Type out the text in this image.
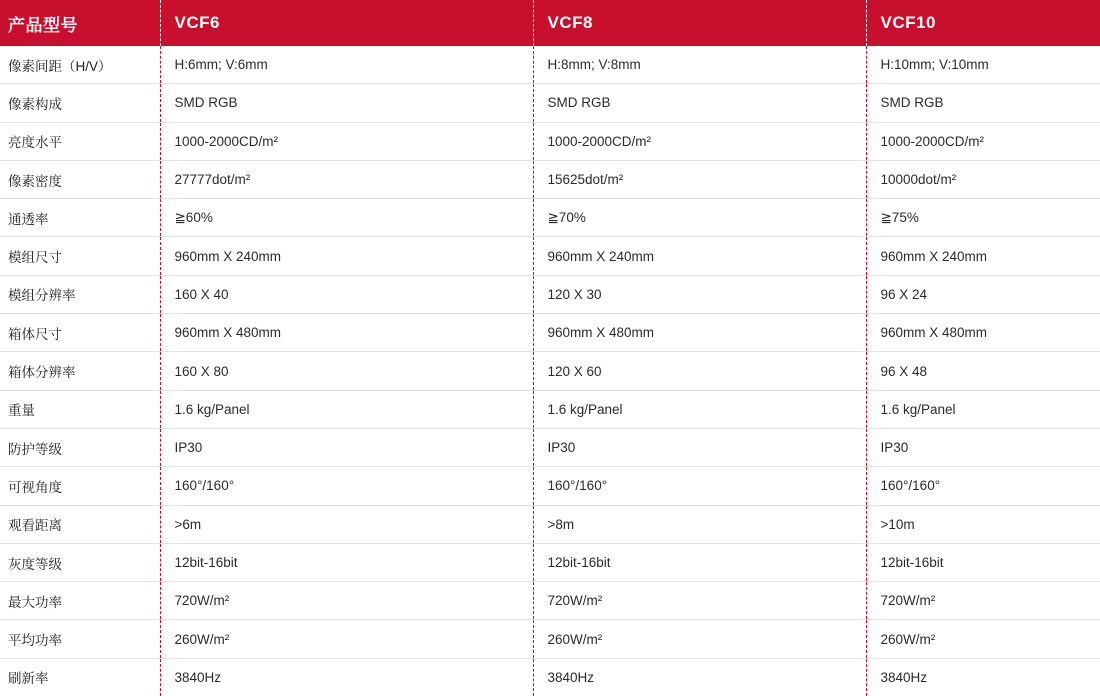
产品型号	VCF6	VCF8	VCF10
像素间距（H/V）	H:6mm; V:6mm	H:8mm; V:8mm	H:10mm; V:10mm
像素构成	SMD RGB	SMD RGB	SMD RGB
亮度水平	1000-2000CD/m²	1000-2000CD/m²	1000-2000CD/m²
像素密度	27777dot/m²	15625dot/m²	10000dot/m²
通透率	≧60%	≧70%	≧75%
模组尺寸	960mm X 240mm	960mm X 240mm	960mm X 240mm
模组分辨率	160 X 40	120 X 30	96 X 24
箱体尺寸	960mm X 480mm	960mm X 480mm	960mm X 480mm
箱体分辨率	160 X 80	120 X 60	96 X 48
重量	1.6 kg/Panel	1.6 kg/Panel	1.6 kg/Panel
防护等级	IP30	IP30	IP30
可视角度	160°/160°	160°/160°	160°/160°
观看距离	>6m	>8m	>10m
灰度等级	12bit-16bit	12bit-16bit	12bit-16bit
最大功率	720W/m²	720W/m²	720W/m²
平均功率	260W/m²	260W/m²	260W/m²
刷新率	3840Hz	3840Hz	3840Hz
